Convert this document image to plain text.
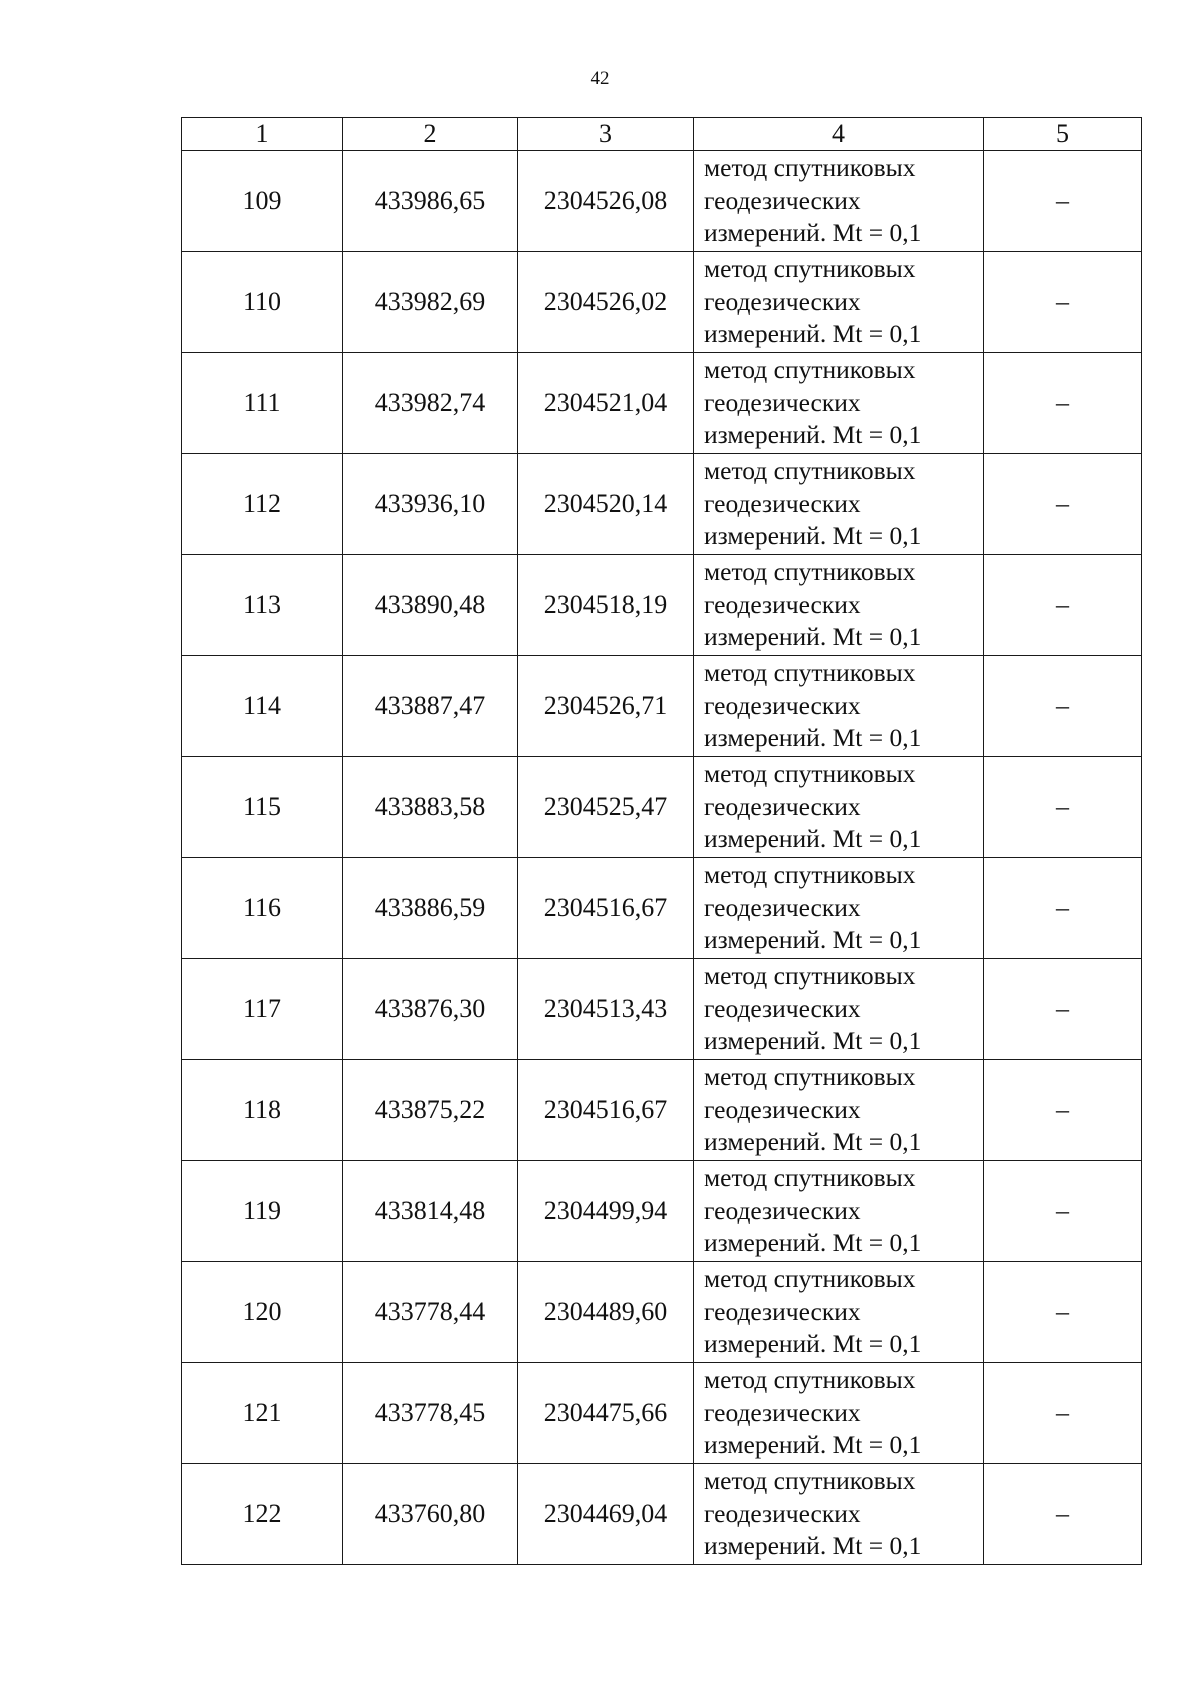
42
1	2	3	4	5
109	433986,65	2304526,08	метод спутниковых
геодезических
измерений. Mt = 0,1	–
110	433982,69	2304526,02	метод спутниковых
геодезических
измерений. Mt = 0,1	–
111	433982,74	2304521,04	метод спутниковых
геодезических
измерений. Mt = 0,1	–
112	433936,10	2304520,14	метод спутниковых
геодезических
измерений. Mt = 0,1	–
113	433890,48	2304518,19	метод спутниковых
геодезических
измерений. Mt = 0,1	–
114	433887,47	2304526,71	метод спутниковых
геодезических
измерений. Mt = 0,1	–
115	433883,58	2304525,47	метод спутниковых
геодезических
измерений. Mt = 0,1	–
116	433886,59	2304516,67	метод спутниковых
геодезических
измерений. Mt = 0,1	–
117	433876,30	2304513,43	метод спутниковых
геодезических
измерений. Mt = 0,1	–
118	433875,22	2304516,67	метод спутниковых
геодезических
измерений. Mt = 0,1	–
119	433814,48	2304499,94	метод спутниковых
геодезических
измерений. Mt = 0,1	–
120	433778,44	2304489,60	метод спутниковых
геодезических
измерений. Mt = 0,1	–
121	433778,45	2304475,66	метод спутниковых
геодезических
измерений. Mt = 0,1	–
122	433760,80	2304469,04	метод спутниковых
геодезических
измерений. Mt = 0,1	–
